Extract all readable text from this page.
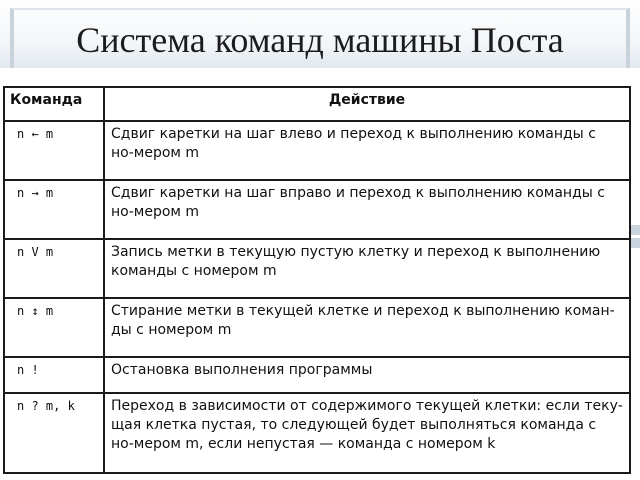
Система команд машины Поста
Команда	Действие
n ← m	Сдвиг каретки на шаг влево и переход к выполнению команды с но-мером m
n → m	Сдвиг каретки на шаг вправо и переход к выполнению команды с но-мером m
n V m	Запись метки в текущую пустую клетку и переход к выполнению команды с номером m
n ↕ m	Стирание метки в текущей клетке и переход к выполнению коман-ды с номером m
n !	Остановка выполнения программы
n ? m, k	Переход в зависимости от содержимого текущей клетки: если теку-щая клетка пустая, то следующей будет выполняться команда с но-мером m, если непустая — команда с номером k
